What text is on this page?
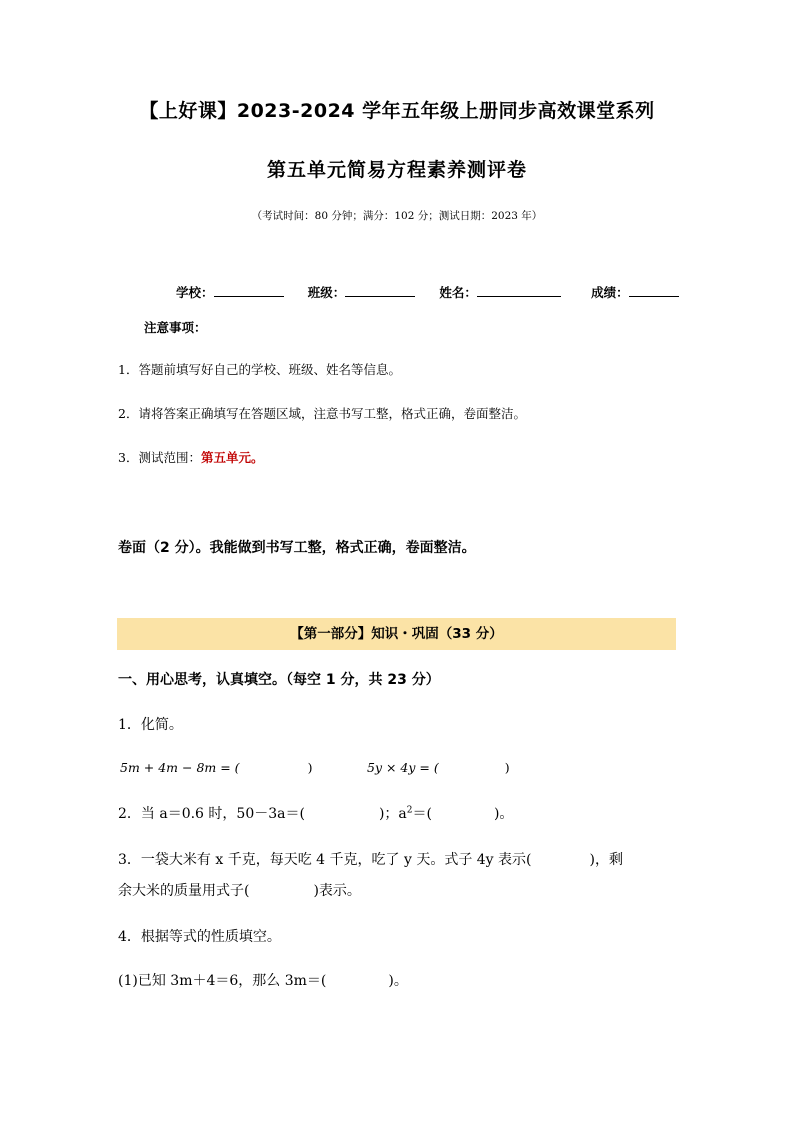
【上好课】2023-2024 学年五年级上册同步高效课堂系列
第五单元简易方程素养测评卷
（考试时间：80 分钟；满分：102 分；测试日期：2023 年）
学校：	班级：	姓名：	成绩：
注意事项：
1．答题前填写好自己的学校、班级、姓名等信息。
2．请将答案正确填写在答题区域，注意书写工整，格式正确，卷面整洁。
3．测试范围：第五单元。
卷面（2 分）。我能做到书写工整，格式正确，卷面整洁。
【第一部分】知识・巩固（33 分）
一、用心思考，认真填空。（每空 1 分，共 23 分）
1．化简。
5m + 4m − 8m = (	)	5y × 4y = (	)
2．当 a＝0.6 时，50－3a＝(	)；$a^2=$(	)。
3．一袋大米有 x 千克，每天吃 4 千克，吃了 y 天。式子 4y 表示(	)，剩
余大米的质量用式子(	)表示。
4．根据等式的性质填空。
(1)已知 3m＋4＝6，那么 3m＝(	)。
